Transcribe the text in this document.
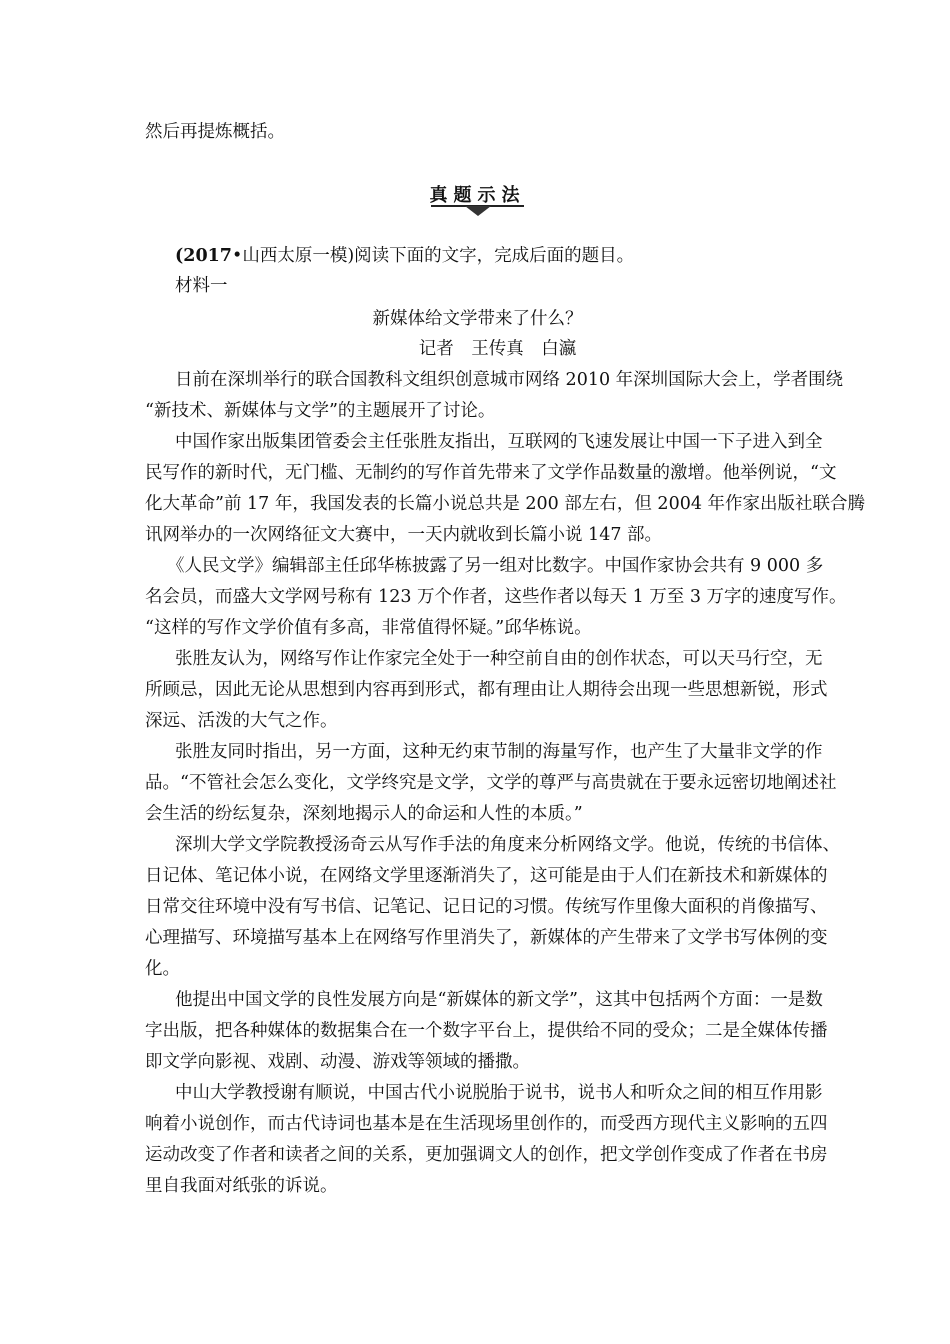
然后再提炼概括。
真题示法
(2017•山西太原一模)阅读下面的文字，完成后面的题目。
材料一
新媒体给文学带来了什么？
记者　王传真　白瀛
日前在深圳举行的联合国教科文组织创意城市网络 2010 年深圳国际大会上，学者围绕
“新技术、新媒体与文学”的主题展开了讨论。
中国作家出版集团管委会主任张胜友指出，互联网的飞速发展让中国一下子进入到全
民写作的新时代，无门槛、无制约的写作首先带来了文学作品数量的激增。他举例说，“文
化大革命”前 17 年，我国发表的长篇小说总共是 200 部左右，但 2004 年作家出版社联合腾
讯网举办的一次网络征文大赛中，一天内就收到长篇小说 147 部。
《人民文学》编辑部主任邱华栋披露了另一组对比数字。中国作家协会共有 9 000 多
名会员，而盛大文学网号称有 123 万个作者，这些作者以每天 1 万至 3 万字的速度写作。
“这样的写作文学价值有多高，非常值得怀疑。”邱华栋说。
张胜友认为，网络写作让作家完全处于一种空前自由的创作状态，可以天马行空，无
所顾忌，因此无论从思想到内容再到形式，都有理由让人期待会出现一些思想新锐，形式
深远、活泼的大气之作。
张胜友同时指出，另一方面，这种无约束节制的海量写作，也产生了大量非文学的作
品。“不管社会怎么变化，文学终究是文学，文学的尊严与高贵就在于要永远密切地阐述社
会生活的纷纭复杂，深刻地揭示人的命运和人性的本质。”
深圳大学文学院教授汤奇云从写作手法的角度来分析网络文学。他说，传统的书信体、
日记体、笔记体小说，在网络文学里逐渐消失了，这可能是由于人们在新技术和新媒体的
日常交往环境中没有写书信、记笔记、记日记的习惯。传统写作里像大面积的肖像描写、
心理描写、环境描写基本上在网络写作里消失了，新媒体的产生带来了文学书写体例的变
化。
他提出中国文学的良性发展方向是“新媒体的新文学”，这其中包括两个方面：一是数
字出版，把各种媒体的数据集合在一个数字平台上，提供给不同的受众；二是全媒体传播
即文学向影视、戏剧、动漫、游戏等领域的播撒。
中山大学教授谢有顺说，中国古代小说脱胎于说书，说书人和听众之间的相互作用影
响着小说创作，而古代诗词也基本是在生活现场里创作的，而受西方现代主义影响的五四
运动改变了作者和读者之间的关系，更加强调文人的创作，把文学创作变成了作者在书房
里自我面对纸张的诉说。
